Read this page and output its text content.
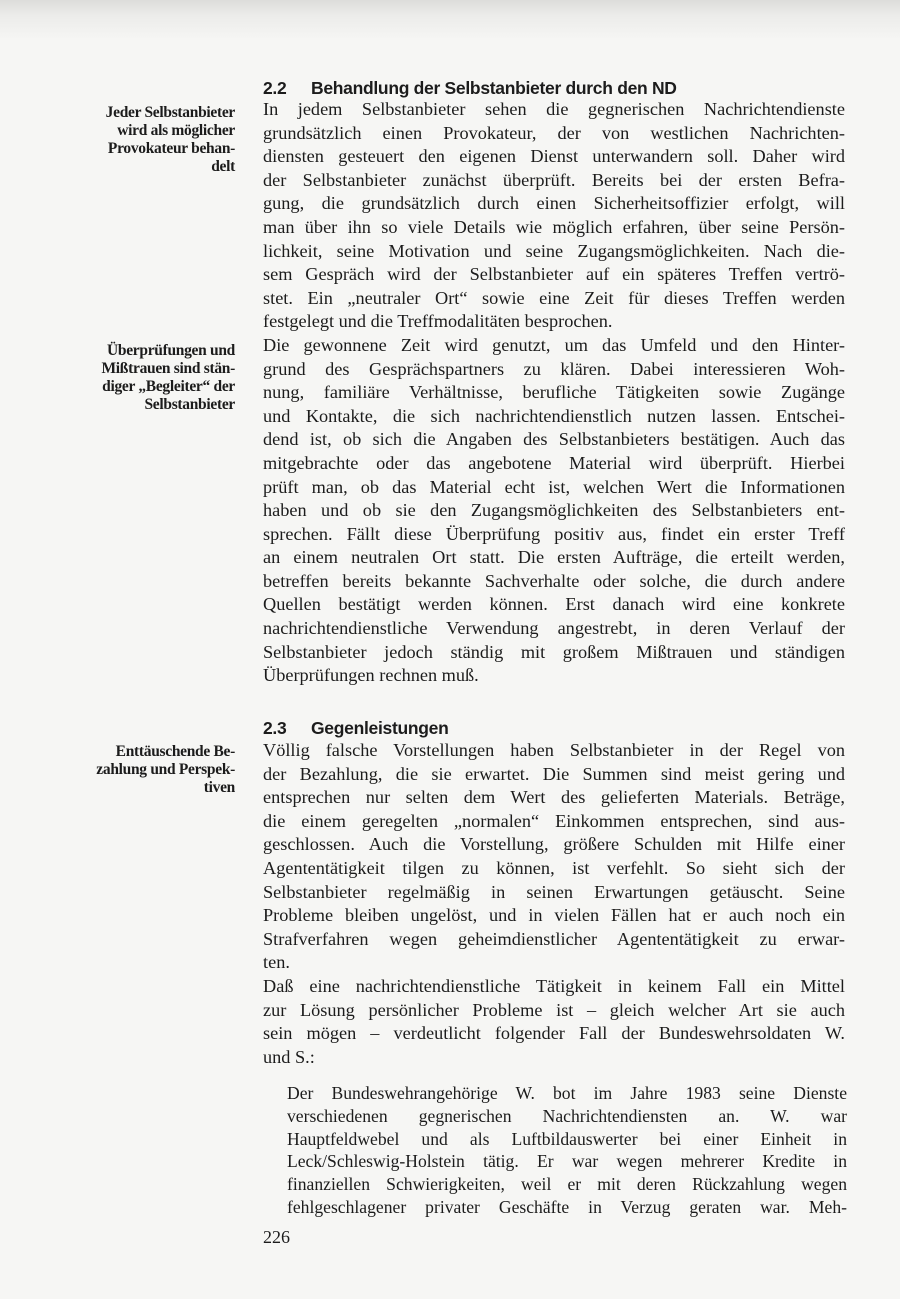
Jeder Selbstanbieter
wird als möglicher
Provokateur behan-
delt
Überprüfungen und
Mißtrauen sind stän-
diger „Begleiter“ der
Selbstanbieter
Enttäuschende Be-
zahlung und Perspek-
tiven
2.2 Behandlung der Selbstanbieter durch den ND
In jedem Selbstanbieter sehen die gegnerischen Nachrichtendienste
grundsätzlich einen Provokateur, der von westlichen Nachrichten-
diensten gesteuert den eigenen Dienst unterwandern soll. Daher wird
der Selbstanbieter zunächst überprüft. Bereits bei der ersten Befra-
gung, die grundsätzlich durch einen Sicherheitsoffizier erfolgt, will
man über ihn so viele Details wie möglich erfahren, über seine Persön-
lichkeit, seine Motivation und seine Zugangsmöglichkeiten. Nach die-
sem Gespräch wird der Selbstanbieter auf ein späteres Treffen vertrö-
stet. Ein „neutraler Ort“ sowie eine Zeit für dieses Treffen werden
festgelegt und die Treffmodalitäten besprochen.
Die gewonnene Zeit wird genutzt, um das Umfeld und den Hinter-
grund des Gesprächspartners zu klären. Dabei interessieren Woh-
nung, familiäre Verhältnisse, berufliche Tätigkeiten sowie Zugänge
und Kontakte, die sich nachrichtendienstlich nutzen lassen. Entschei-
dend ist, ob sich die Angaben des Selbstanbieters bestätigen. Auch das
mitgebrachte oder das angebotene Material wird überprüft. Hierbei
prüft man, ob das Material echt ist, welchen Wert die Informationen
haben und ob sie den Zugangsmöglichkeiten des Selbstanbieters ent-
sprechen. Fällt diese Überprüfung positiv aus, findet ein erster Treff
an einem neutralen Ort statt. Die ersten Aufträge, die erteilt werden,
betreffen bereits bekannte Sachverhalte oder solche, die durch andere
Quellen bestätigt werden können. Erst danach wird eine konkrete
nachrichtendienstliche Verwendung angestrebt, in deren Verlauf der
Selbstanbieter jedoch ständig mit großem Mißtrauen und ständigen
Überprüfungen rechnen muß.
2.3 Gegenleistungen
Völlig falsche Vorstellungen haben Selbstanbieter in der Regel von
der Bezahlung, die sie erwartet. Die Summen sind meist gering und
entsprechen nur selten dem Wert des gelieferten Materials. Beträge,
die einem geregelten „normalen“ Einkommen entsprechen, sind aus-
geschlossen. Auch die Vorstellung, größere Schulden mit Hilfe einer
Agententätigkeit tilgen zu können, ist verfehlt. So sieht sich der
Selbstanbieter regelmäßig in seinen Erwartungen getäuscht. Seine
Probleme bleiben ungelöst, und in vielen Fällen hat er auch noch ein
Strafverfahren wegen geheimdienstlicher Agententätigkeit zu erwar-
ten.
Daß eine nachrichtendienstliche Tätigkeit in keinem Fall ein Mittel
zur Lösung persönlicher Probleme ist – gleich welcher Art sie auch
sein mögen – verdeutlicht folgender Fall der Bundeswehrsoldaten W.
und S.:
Der Bundeswehrangehörige W. bot im Jahre 1983 seine Dienste
verschiedenen gegnerischen Nachrichtendiensten an. W. war
Hauptfeldwebel und als Luftbildauswerter bei einer Einheit in
Leck/Schleswig-Holstein tätig. Er war wegen mehrerer Kredite in
finanziellen Schwierigkeiten, weil er mit deren Rückzahlung wegen
fehlgeschlagener privater Geschäfte in Verzug geraten war. Meh-
226
